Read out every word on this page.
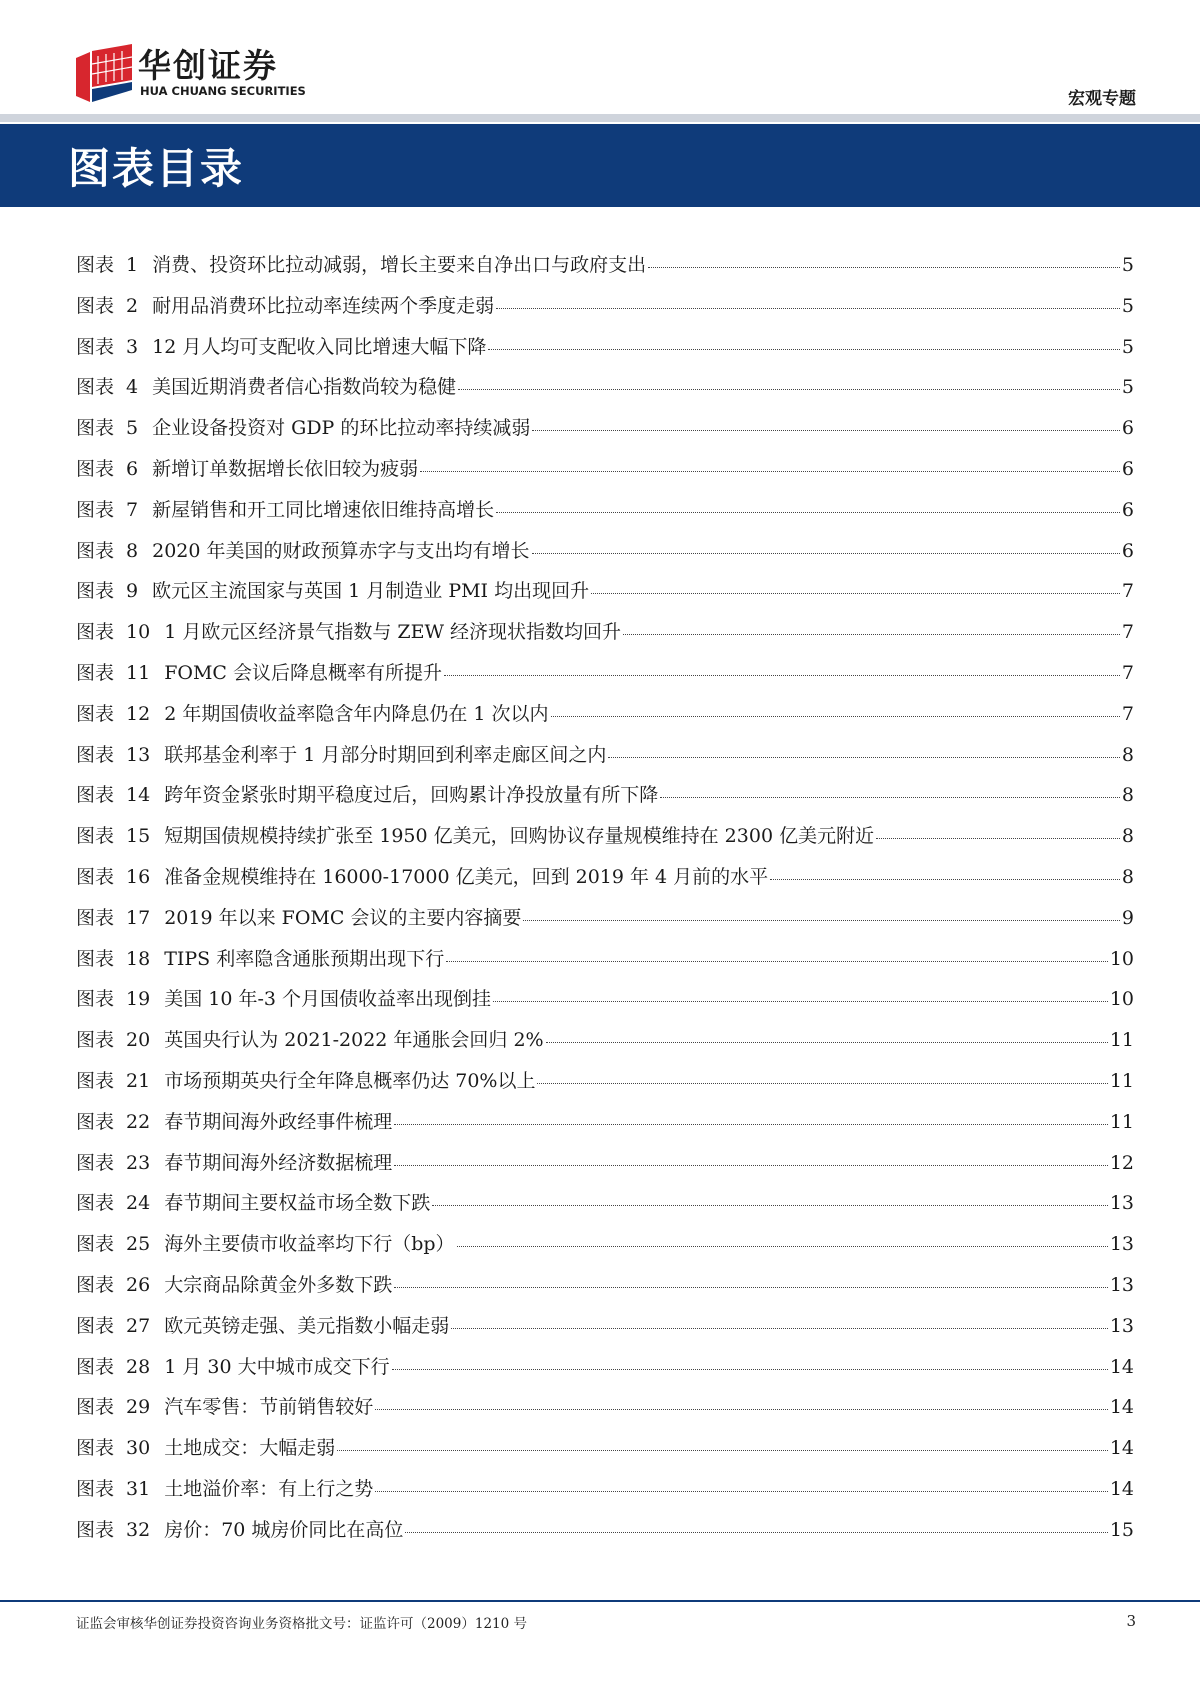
华创证券
HUA CHUANG SECURITIES	宏观专题
图表目录
图表 1 消费、投资环比拉动减弱，增长主要来自净出口与政府支出	5
图表 2 耐用品消费环比拉动率连续两个季度走弱	5
图表 3 12 月人均可支配收入同比增速大幅下降	5
图表 4 美国近期消费者信心指数尚较为稳健	5
图表 5 企业设备投资对 GDP 的环比拉动率持续减弱	6
图表 6 新增订单数据增长依旧较为疲弱	6
图表 7 新屋销售和开工同比增速依旧维持高增长	6
图表 8 2020 年美国的财政预算赤字与支出均有增长	6
图表 9 欧元区主流国家与英国 1 月制造业 PMI 均出现回升	7
图表 10 1 月欧元区经济景气指数与 ZEW 经济现状指数均回升	7
图表 11 FOMC 会议后降息概率有所提升	7
图表 12 2 年期国债收益率隐含年内降息仍在 1 次以内	7
图表 13 联邦基金利率于 1 月部分时期回到利率走廊区间之内	8
图表 14 跨年资金紧张时期平稳度过后，回购累计净投放量有所下降	8
图表 15 短期国债规模持续扩张至 1950 亿美元，回购协议存量规模维持在 2300 亿美元附近	8
图表 16 准备金规模维持在 16000-17000 亿美元，回到 2019 年 4 月前的水平	8
图表 17 2019 年以来 FOMC 会议的主要内容摘要	9
图表 18 TIPS 利率隐含通胀预期出现下行	10
图表 19 美国 10 年-3 个月国债收益率出现倒挂	10
图表 20 英国央行认为 2021-2022 年通胀会回归 2%	11
图表 21 市场预期英央行全年降息概率仍达 70%以上	11
图表 22 春节期间海外政经事件梳理	11
图表 23 春节期间海外经济数据梳理	12
图表 24 春节期间主要权益市场全数下跌	13
图表 25 海外主要债市收益率均下行（bp）	13
图表 26 大宗商品除黄金外多数下跌	13
图表 27 欧元英镑走强、美元指数小幅走弱	13
图表 28 1 月 30 大中城市成交下行	14
图表 29 汽车零售：节前销售较好	14
图表 30 土地成交：大幅走弱	14
图表 31 土地溢价率：有上行之势	14
图表 32 房价：70 城房价同比在高位	15
证监会审核华创证券投资咨询业务资格批文号：证监许可（2009）1210 号	3
